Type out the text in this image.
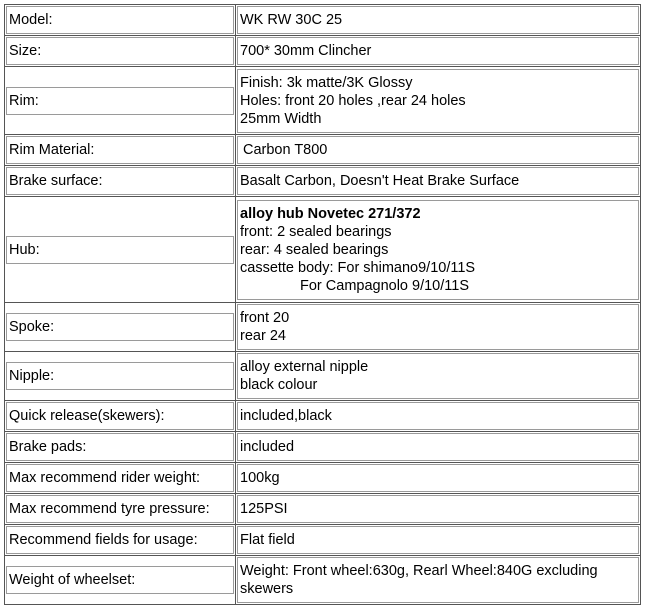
Model:	WK RW 30C 25

Size:	700* 30mm Clincher

Rim:	Finish: 3k matte/3K Glossy
Holes: front 20 holes ,rear 24 holes
25mm Width

Rim Material:	Carbon T800

Brake surface:	Basalt Carbon, Doesn't Heat Brake Surface

Hub:	alloy hub Novetec 271/372
front: 2 sealed bearings
rear: 4 sealed bearings
cassette body: For shimano9/10/11S
For Campagnolo 9/10/11S

Spoke:	front 20
rear 24

Nipple:	alloy external nipple
black colour

Quick release(skewers):	included,black

Brake pads:	included

Max recommend rider weight:	100kg

Max recommend tyre pressure:	125PSI

Recommend fields for usage:	Flat field

Weight of wheelset:	Weight: Front wheel:630g, Rearl Wheel:840G excluding
skewers
